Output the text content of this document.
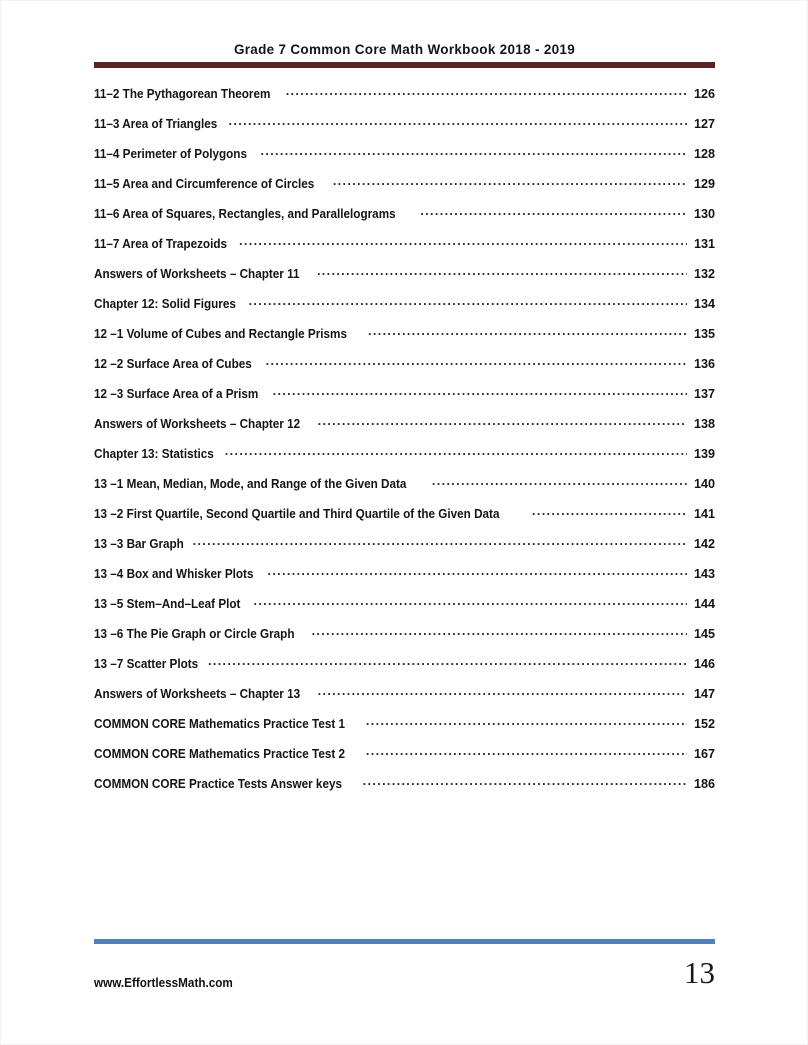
Grade 7 Common Core Math Workbook 2018 - 2019
11–2 The Pythagorean Theorem .....	126
11–3 Area of Triangles .....	127
11–4 Perimeter of Polygons .....	128
11–5 Area and Circumference of Circles .....	129
11–6 Area of Squares, Rectangles, and Parallelograms .....	130
11–7 Area of Trapezoids .....	131
Answers of Worksheets – Chapter 11 .....	132
Chapter 12: Solid Figures .....	134
12 –1 Volume of Cubes and Rectangle Prisms .....	135
12 –2 Surface Area of Cubes .....	136
12 –3 Surface Area of a Prism .....	137
Answers of Worksheets – Chapter 12 .....	138
Chapter 13: Statistics .....	139
13 –1 Mean, Median, Mode, and Range of the Given Data .....	140
13 –2 First Quartile, Second Quartile and Third Quartile of the Given Data .....	141
13 –3 Bar Graph .....	142
13 –4 Box and Whisker Plots .....	143
13 –5 Stem–And–Leaf Plot .....	144
13 –6 The Pie Graph or Circle Graph .....	145
13 –7 Scatter Plots .....	146
Answers of Worksheets – Chapter 13 .....	147
COMMON CORE Mathematics Practice Test 1 .....	152
COMMON CORE Mathematics Practice Test 2 .....	167
COMMON CORE Practice Tests Answer keys .....	186
www.EffortlessMath.com	13
